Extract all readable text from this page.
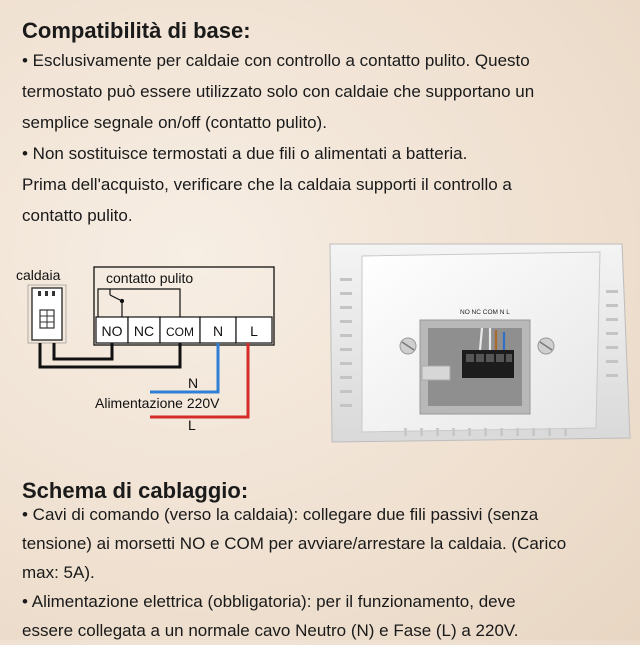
Compatibilità di base:

• Esclusivamente per caldaie con controllo a contatto pulito. Questo

termostato può essere utilizzato solo con caldaie che supportano un

semplice segnale on/off (contatto pulito).

• Non sostituisce termostati a due fili o alimentati a batteria.

Prima dell'acquisto, verificare che la caldaia supporti il controllo a

contatto pulito.

caldaia	contatto pulito
NO NC COM N L
N
Alimentazione 220V
L
NO NC COM N L
Schema di cablaggio:

• Cavi di comando (verso la caldaia): collegare due fili passivi (senza

tensione) ai morsetti NO e COM per avviare/arrestare la caldaia. (Carico

max: 5A).

• Alimentazione elettrica (obbligatoria): per il funzionamento, deve

essere collegata a un normale cavo Neutro (N) e Fase (L) a 220V.
